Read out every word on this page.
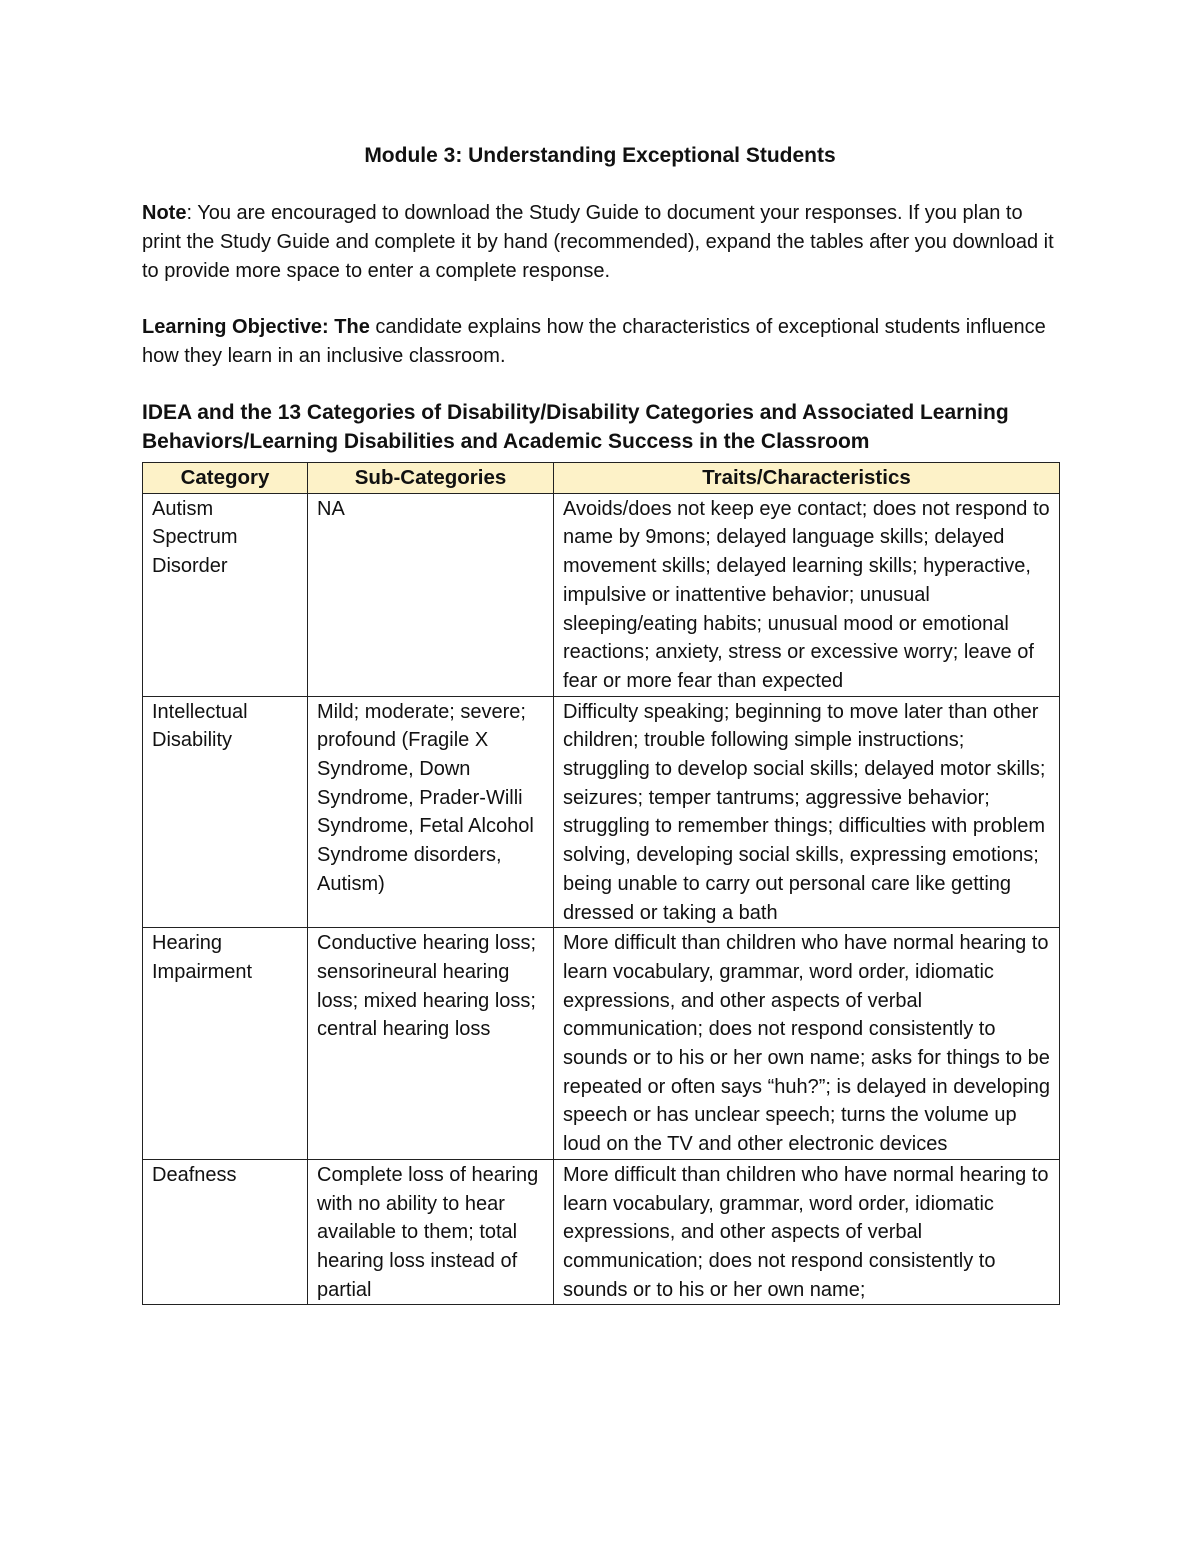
Module 3: Understanding Exceptional Students
Note: You are encouraged to download the Study Guide to document your responses. If you plan to print the Study Guide and complete it by hand (recommended), expand the tables after you download it to provide more space to enter a complete response.
Learning Objective: The candidate explains how the characteristics of exceptional students influence how they learn in an inclusive classroom.
IDEA and the 13 Categories of Disability/Disability Categories and Associated Learning Behaviors/Learning Disabilities and Academic Success in the Classroom
Category	Sub-Categories	Traits/Characteristics
Autism Spectrum Disorder	NA	Avoids/does not keep eye contact; does not respond to name by 9mons; delayed language skills; delayed movement skills; delayed learning skills; hyperactive, impulsive or inattentive behavior; unusual sleeping/eating habits; unusual mood or emotional reactions; anxiety, stress or excessive worry; leave of fear or more fear than expected
Intellectual Disability	Mild; moderate; severe; profound (Fragile X Syndrome, Down Syndrome, Prader-Willi Syndrome, Fetal Alcohol Syndrome disorders, Autism)	Difficulty speaking; beginning to move later than other children; trouble following simple instructions; struggling to develop social skills; delayed motor skills; seizures; temper tantrums; aggressive behavior; struggling to remember things; difficulties with problem solving, developing social skills, expressing emotions; being unable to carry out personal care like getting dressed or taking a bath
Hearing Impairment	Conductive hearing loss; sensorineural hearing loss; mixed hearing loss; central hearing loss	More difficult than children who have normal hearing to learn vocabulary, grammar, word order, idiomatic expressions, and other aspects of verbal communication; does not respond consistently to sounds or to his or her own name; asks for things to be repeated or often says “huh?”; is delayed in developing speech or has unclear speech; turns the volume up loud on the TV and other electronic devices
Deafness	Complete loss of hearing with no ability to hear available to them; total hearing loss instead of partial	More difficult than children who have normal hearing to learn vocabulary, grammar, word order, idiomatic expressions, and other aspects of verbal communication; does not respond consistently to sounds or to his or her own name;
